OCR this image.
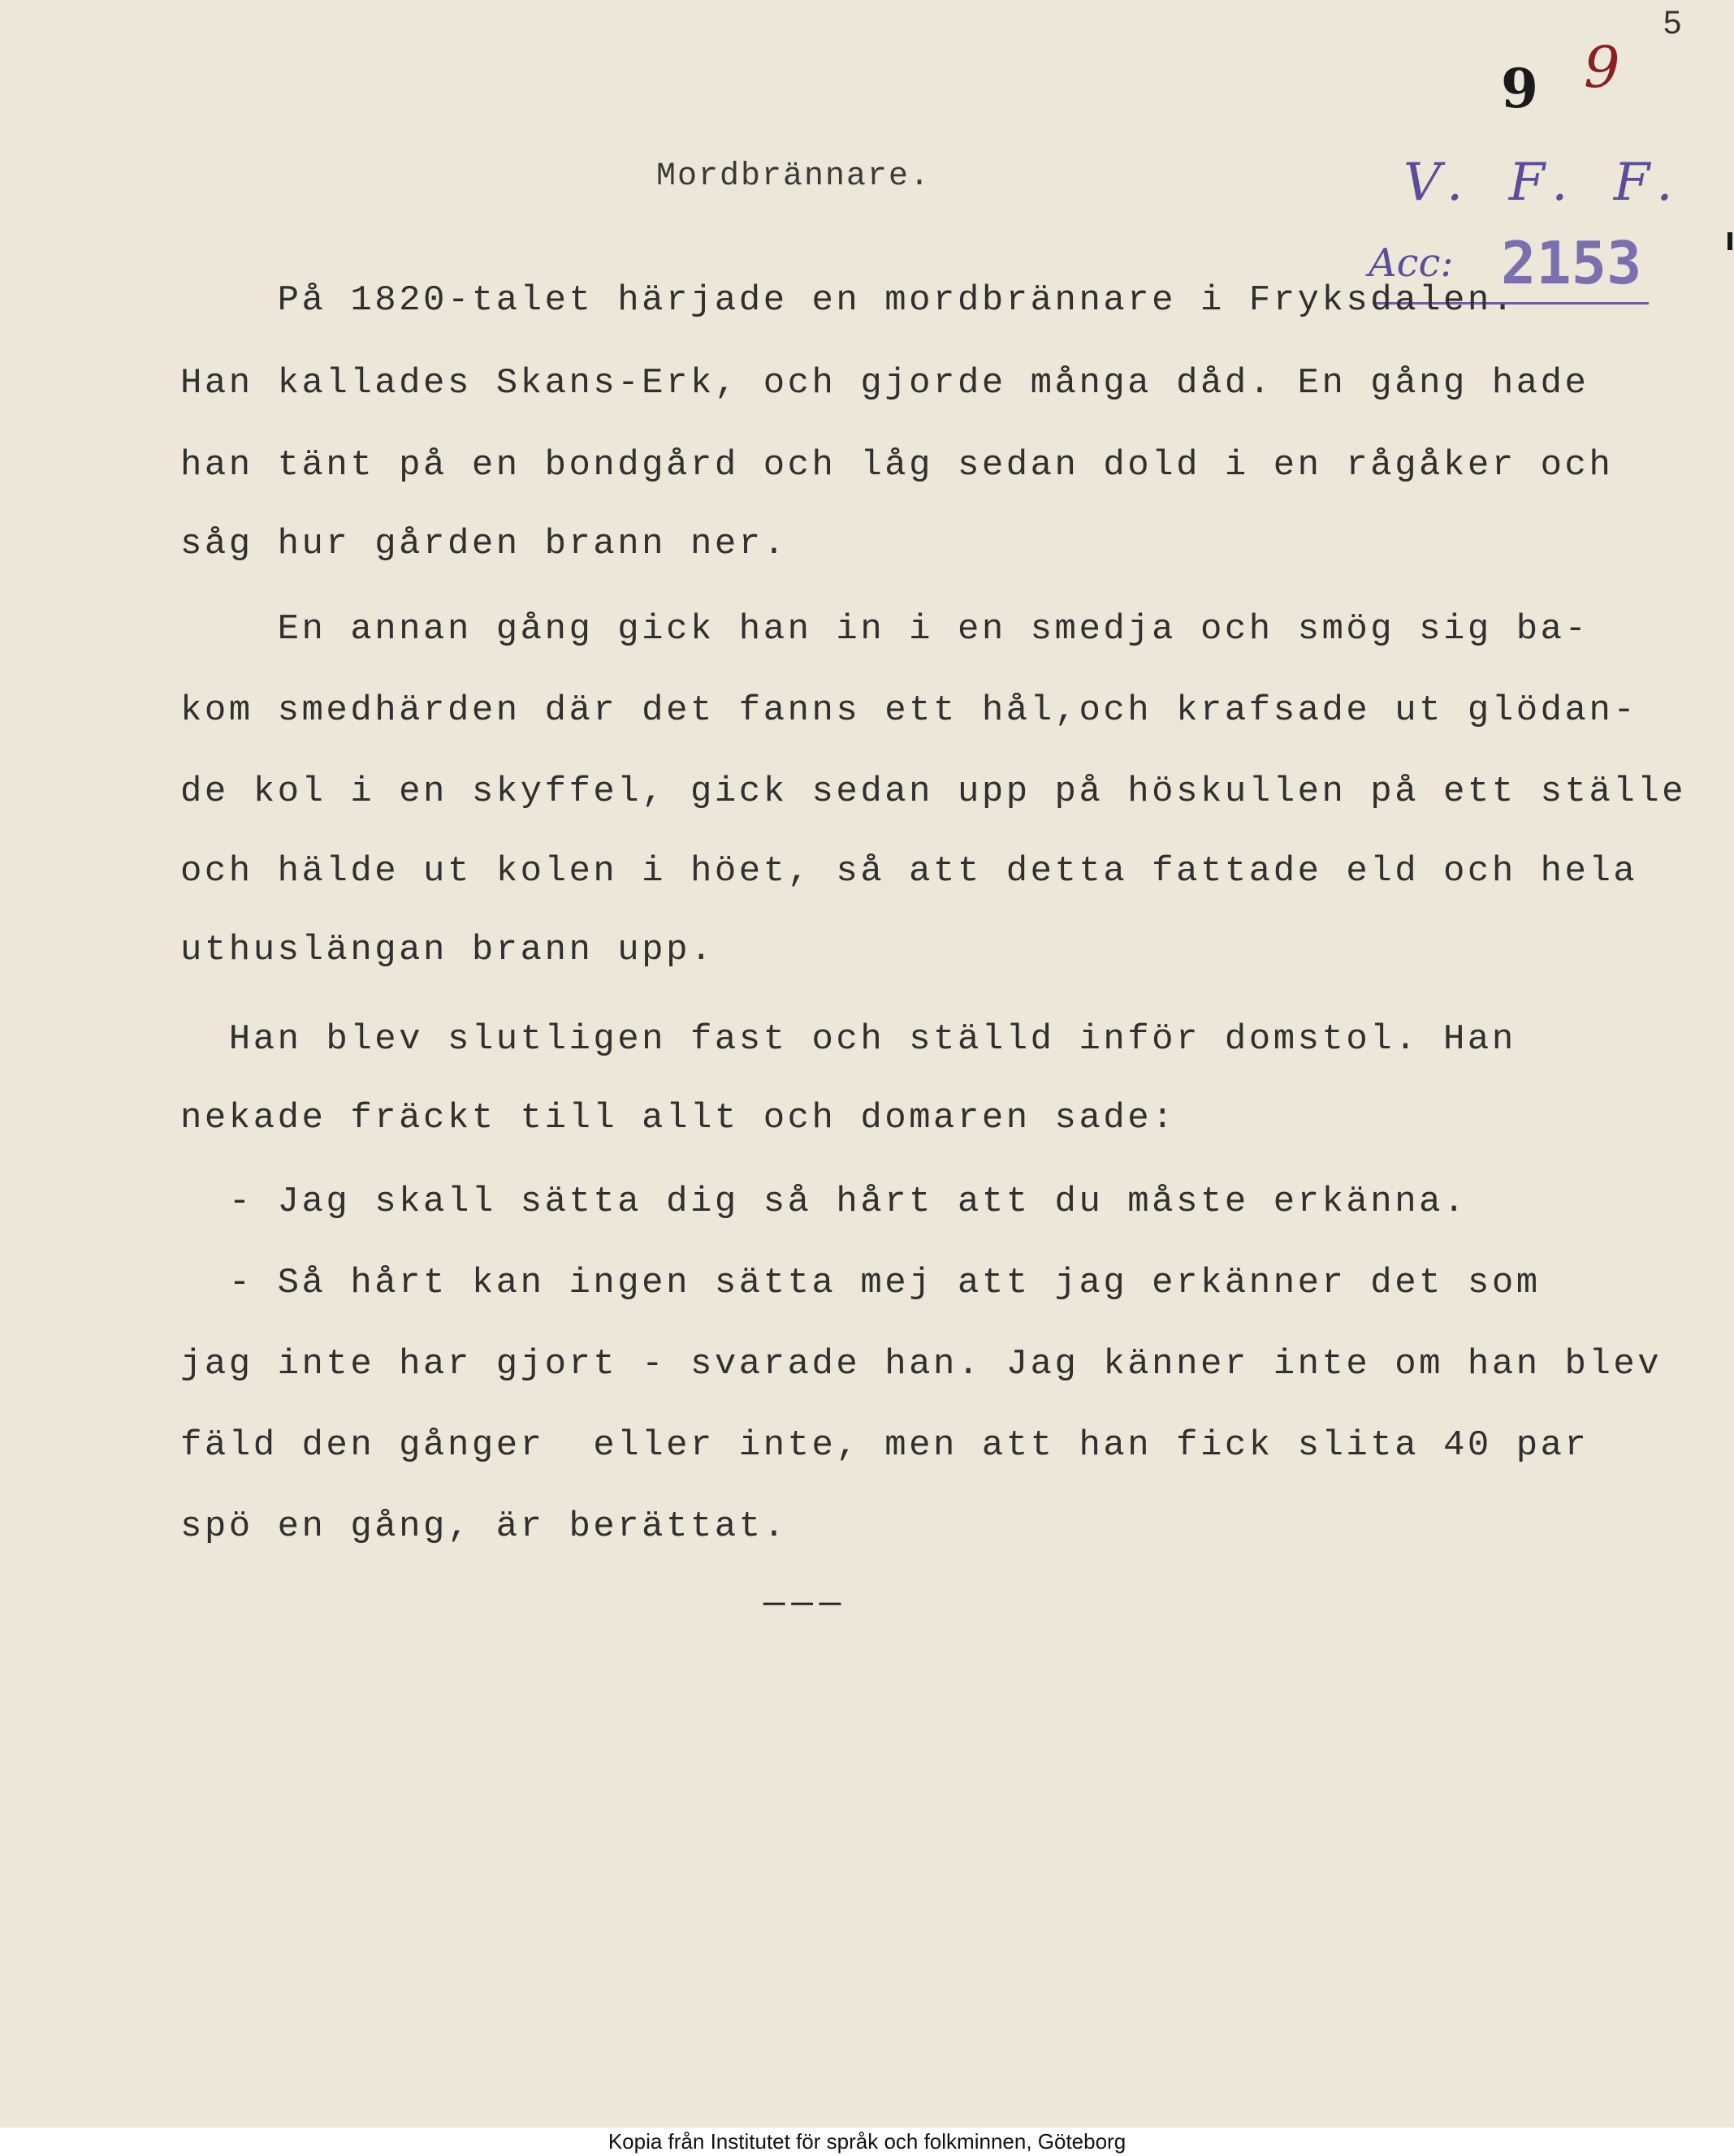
5
9 9
V. F. F.
Acc: 2153
Mordbrännare.
På 1820-talet härjade en mordbrännare i Fryksdalen.
Han kallades Skans-Erk, och gjorde många dåd. En gång hade
han tänt på en bondgård och låg sedan dold i en rågåker och
såg hur gården brann ner.
En annan gång gick han in i en smedja och smög sig ba-
kom smedhärden där det fanns ett hål,och krafsade ut glödan-
de kol i en skyffel, gick sedan upp på höskullen på ett ställe
och hälde ut kolen i höet, så att detta fattade eld och hela
uthuslängan brann upp.
Han blev slutligen fast och ställd inför domstol. Han
nekade fräckt till allt och domaren sade:
- Jag skall sätta dig så hårt att du måste erkänna.
- Så hårt kan ingen sätta mej att jag erkänner det som
jag inte har gjort - svarade han. Jag känner inte om han blev
fäld den gånger  eller inte, men att han fick slita 40 par
spö en gång, är berättat.
———
Kopia från Institutet för språk och folkminnen, Göteborg
